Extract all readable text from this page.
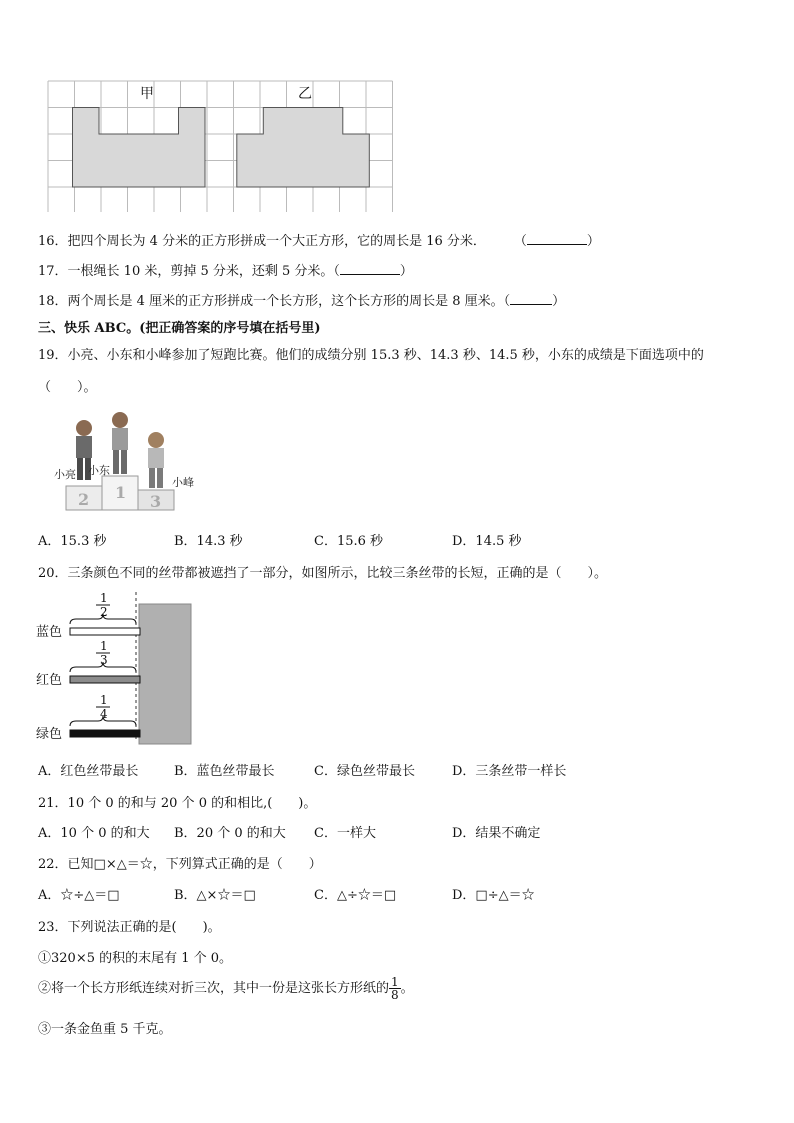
甲	乙
16．把四个周长为 4 分米的正方形拼成一个大正方形，它的周长是 16 分米． （	）
17．一根绳长 10 米，剪掉 5 分米，还剩 5 分米。（	）
18．两个周长是 4 厘米的正方形拼成一个长方形，这个长方形的周长是 8 厘米。（	）
三、快乐 ABC。(把正确答案的序号填在括号里)
19．小亮、小东和小峰参加了短跑比赛。他们的成绩分别 15.3 秒、14.3 秒、14.5 秒，小东的成绩是下面选项中的
（　　）。
2 1 3
小亮 小东
小峰
A．15.3 秒	B．14.3 秒	C．15.6 秒	D．14.5 秒
20．三条颜色不同的丝带都被遮挡了一部分，如图所示，比较三条丝带的长短，正确的是（　　）。
蓝色
1
2
红色
1
3
绿色
1
4
A．红色丝带最长	B．蓝色丝带最长	C．绿色丝带最长	D．三条丝带一样长
21．10 个 0 的和与 20 个 0 的和相比,(　　)。
A．10 个 0 的和大 B．20 个 0 的和大 C．一样大	D．结果不确定
22．已知□×△＝☆，下列算式正确的是（　　）
A．☆÷△＝□	B．△×☆＝□	C．△÷☆＝□	D．□÷△＝☆
23．下列说法正确的是(　　)。
①320×5 的积的末尾有 1 个 0。
②将一个长方形纸连续对折三次，其中一份是这张长方形纸的 $\frac{1}{8}$ 。
③一条金鱼重 5 千克。
